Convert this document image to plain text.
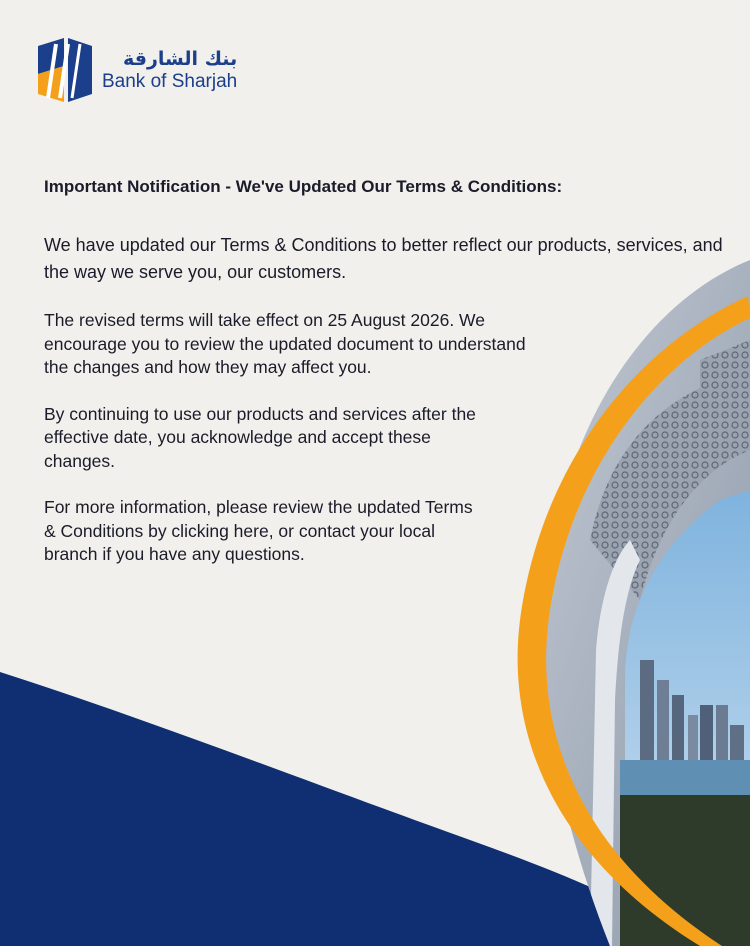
بنك الشارقة
Bank of Sharjah

Important Notification - We've Updated Our Terms & Conditions:

We have updated our Terms & Conditions to better reflect our products, services, and the way we serve you, our customers.

The revised terms will take effect on 25 August 2026. We encourage you to review the updated document to understand the changes and how they may affect you.

By continuing to use our products and services after the effective date, you acknowledge and accept these changes.

For more information, please review the updated Terms & Conditions by clicking here, or contact your local branch if you have any questions.
